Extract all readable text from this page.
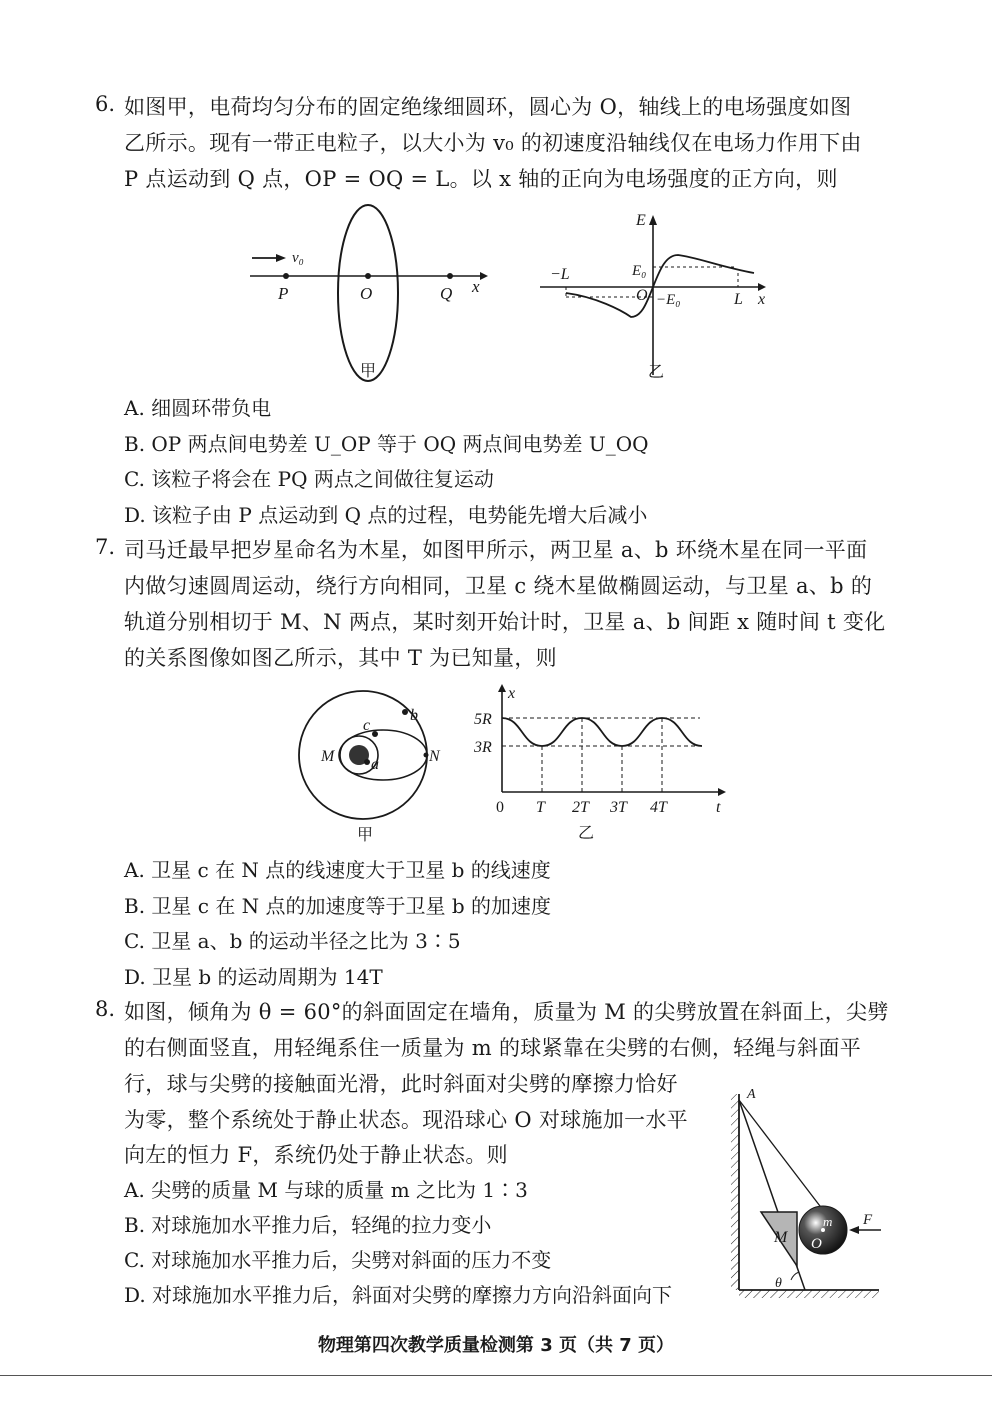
6. 如图甲，电荷均匀分布的固定绝缘细圆环，圆心为 O，轴线上的电场强度如图
乙所示。现有一带正电粒子，以大小为 v₀ 的初速度沿轴线仅在电场力作用下由
P 点运动到 Q 点，OP = OQ = L。以 x 轴的正向为电场强度的正方向，则
v₀
P	O	Q x
甲
E
−L	E₀
O −E₀	L x
乙
A. 细圆环带负电
B. OP 两点间电势差 U_OP 等于 OQ 两点间电势差 U_OQ
C. 该粒子将会在 PQ 两点之间做往复运动
D. 该粒子由 P 点运动到 Q 点的过程，电势能先增大后减小
7. 司马迁最早把岁星命名为木星，如图甲所示，两卫星 a、b 环绕木星在同一平面
内做匀速圆周运动，绕行方向相同，卫星 c 绕木星做椭圆运动，与卫星 a、b 的
轨道分别相切于 M、N 两点，某时刻开始计时，卫星 a、b 间距 x 随时间 t 变化
的关系图像如图乙所示，其中 T 为已知量，则
b
c
M a	N
甲
x
5R
3R
0 T 2T 3T 4T	t
乙
A. 卫星 c 在 N 点的线速度大于卫星 b 的线速度
B. 卫星 c 在 N 点的加速度等于卫星 b 的加速度
C. 卫星 a、b 的运动半径之比为 3∶5
D. 卫星 b 的运动周期为 14T
8. 如图，倾角为 θ = 60°的斜面固定在墙角，质量为 M 的尖劈放置在斜面上，尖劈
的右侧面竖直，用轻绳系住一质量为 m 的球紧靠在尖劈的右侧，轻绳与斜面平
行，球与尖劈的接触面光滑，此时斜面对尖劈的摩擦力恰好
为零，整个系统处于静止状态。现沿球心 O 对球施加一水平
向左的恒力 F，系统仍处于静止状态。则
A. 尖劈的质量 M 与球的质量 m 之比为 1∶3
B. 对球施加水平推力后，轻绳的拉力变小
C. 对球施加水平推力后，尖劈对斜面的压力不变
D. 对球施加水平推力后，斜面对尖劈的摩擦力方向沿斜面向下
A
M
m
O
F
θ
物理第四次教学质量检测第 3 页（共 7 页）
